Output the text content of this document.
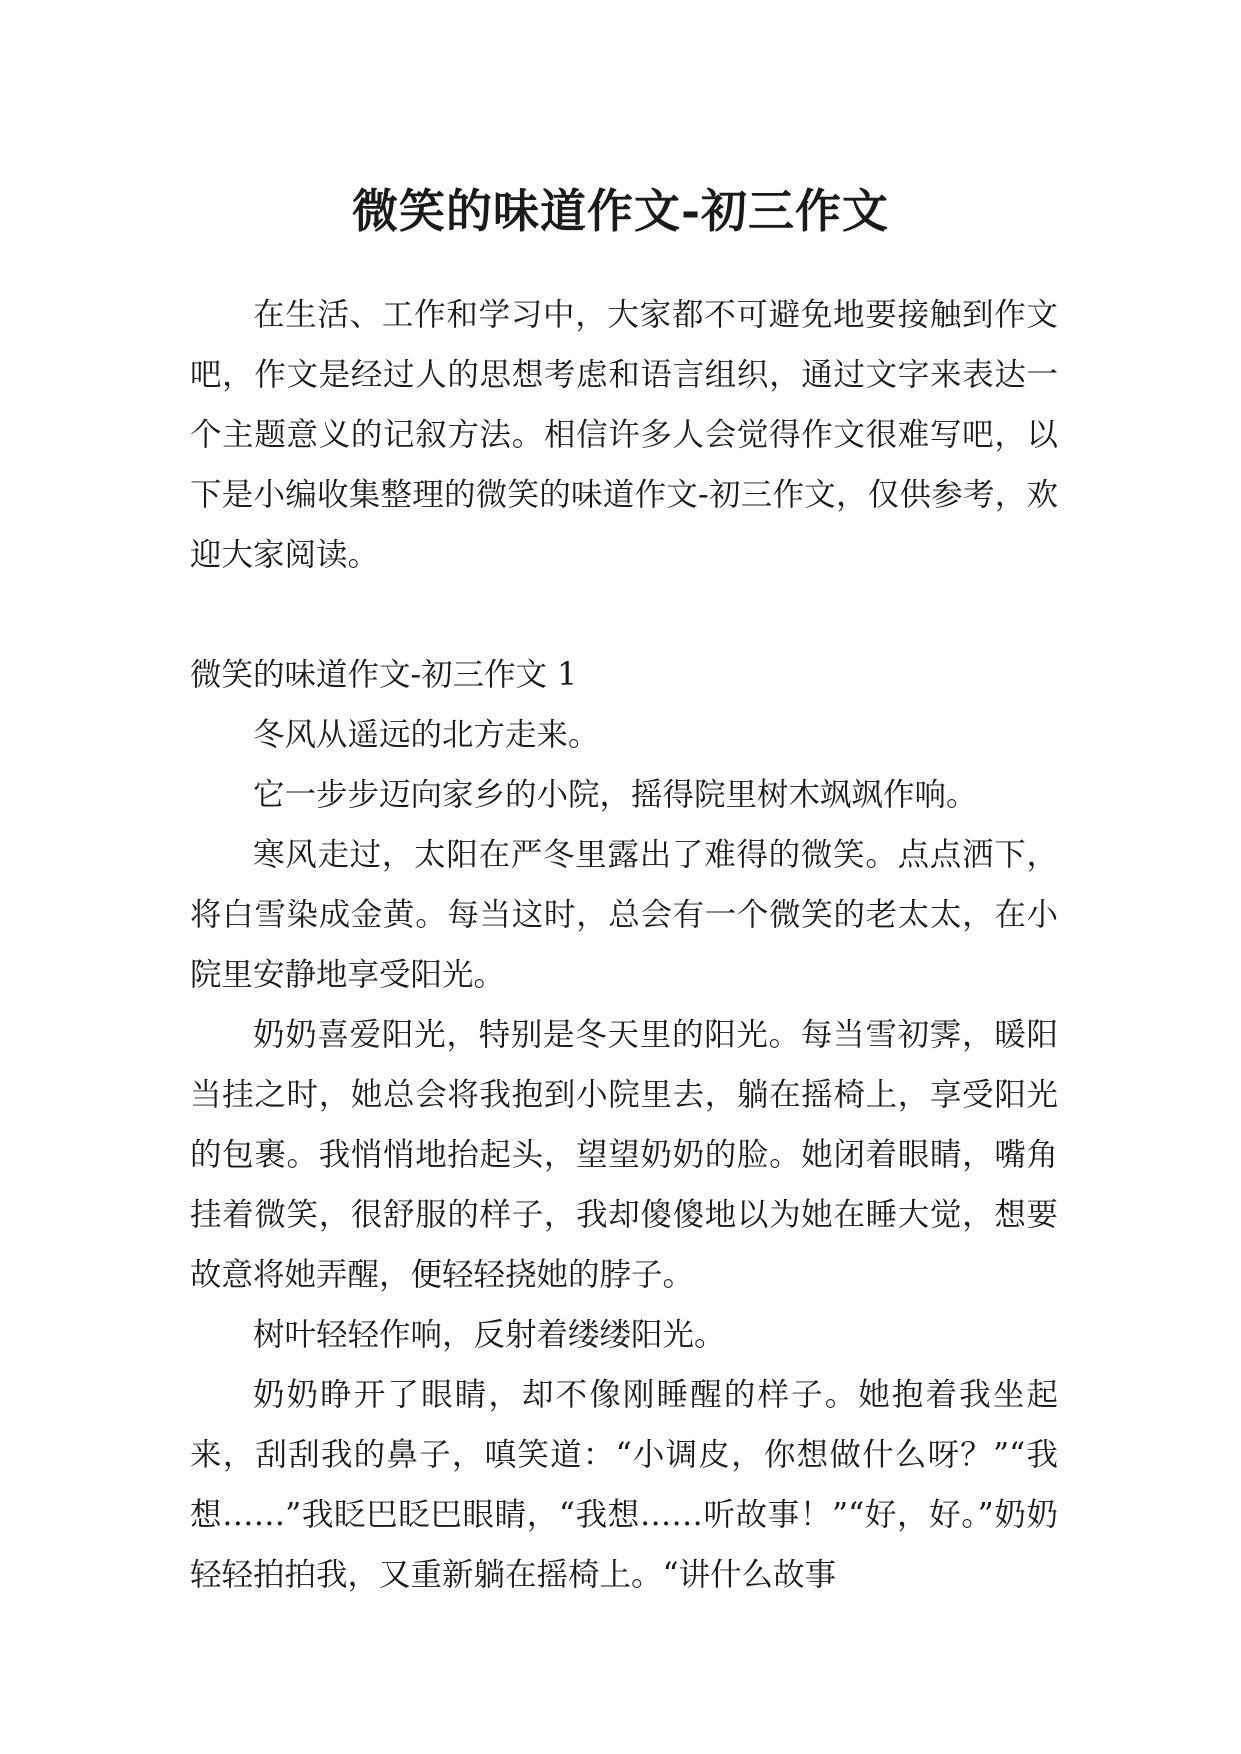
微笑的味道作文-初三作文

在生活、工作和学习中，大家都不可避免地要接触到作文吧，作文是经过人的思想考虑和语言组织，通过文字来表达一个主题意义的记叙方法。相信许多人会觉得作文很难写吧，以下是小编收集整理的微笑的味道作文-初三作文，仅供参考，欢迎大家阅读。

微笑的味道作文-初三作文 1

冬风从遥远的北方走来。

它一步步迈向家乡的小院，摇得院里树木飒飒作响。

寒风走过，太阳在严冬里露出了难得的微笑。点点洒下，将白雪染成金黄。每当这时，总会有一个微笑的老太太，在小院里安静地享受阳光。

奶奶喜爱阳光，特别是冬天里的阳光。每当雪初霁，暖阳当挂之时，她总会将我抱到小院里去，躺在摇椅上，享受阳光的包裹。我悄悄地抬起头，望望奶奶的脸。她闭着眼睛，嘴角挂着微笑，很舒服的样子，我却傻傻地以为她在睡大觉，想要故意将她弄醒，便轻轻挠她的脖子。

树叶轻轻作响，反射着缕缕阳光。

奶奶睁开了眼睛，却不像刚睡醒的样子。她抱着我坐起来，刮刮我的鼻子，嗔笑道：“小调皮，你想做什么呀？”“我想……”我眨巴眨巴眼睛，“我想……听故事！”“好，好。”奶奶轻轻拍拍我，又重新躺在摇椅上。“讲什么故事
